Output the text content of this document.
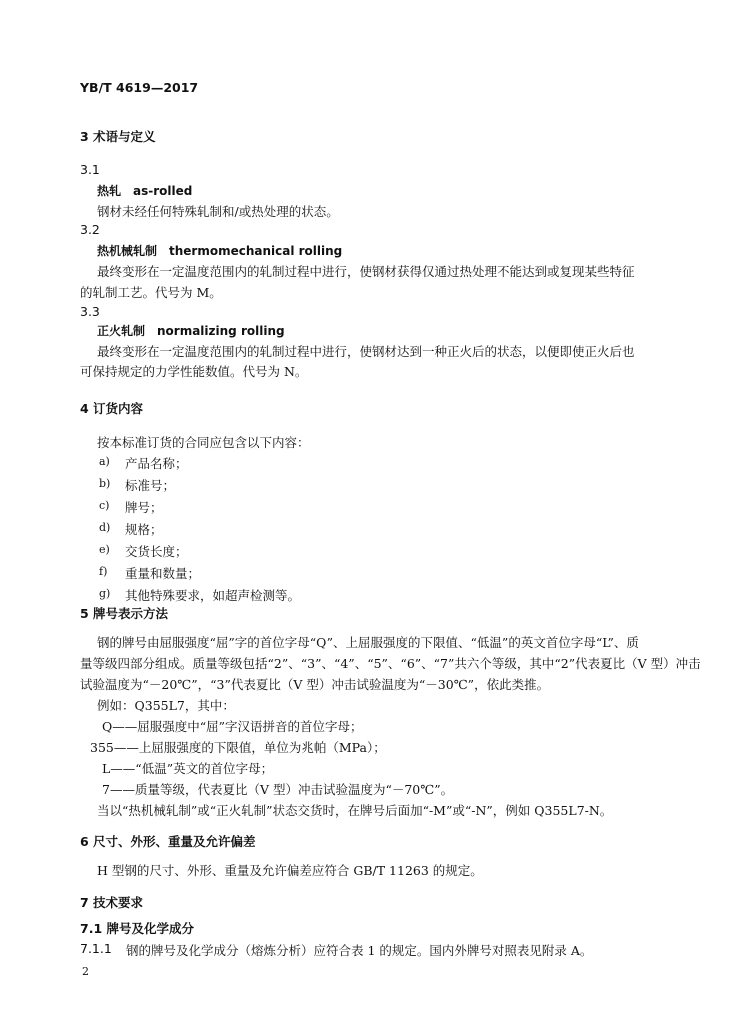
YB/T 4619—2017
3 术语与定义
3.1
热轧　as-rolled
钢材未经任何特殊轧制和/或热处理的状态。
3.2
热机械轧制　thermomechanical rolling
最终变形在一定温度范围内的轧制过程中进行，使钢材获得仅通过热处理不能达到或复现某些特征
的轧制工艺。代号为 M。
3.3
正火轧制　normalizing rolling
最终变形在一定温度范围内的轧制过程中进行，使钢材达到一种正火后的状态，以便即使正火后也
可保持规定的力学性能数值。代号为 N。
4 订货内容
按本标准订货的合同应包含以下内容：
a) 产品名称；
b) 标准号；
c) 牌号；
d) 规格；
e) 交货长度；
f) 重量和数量；
g) 其他特殊要求，如超声检测等。
5 牌号表示方法
钢的牌号由屈服强度“屈”字的首位字母“Q”、上屈服强度的下限值、“低温”的英文首位字母“L”、质
量等级四部分组成。质量等级包括“2”、“3”、“4”、“5”、“6”、“7”共六个等级，其中“2”代表夏比（V 型）冲击
试验温度为“－20℃”，“3”代表夏比（V 型）冲击试验温度为“－30℃”，依此类推。
例如：Q355L7，其中：
Q——屈服强度中“屈”字汉语拼音的首位字母；
355——上屈服强度的下限值，单位为兆帕（MPa）；
L——“低温”英文的首位字母；
7——质量等级，代表夏比（V 型）冲击试验温度为“－70℃”。
当以“热机械轧制”或“正火轧制”状态交货时，在牌号后面加“-M”或“-N”，例如 Q355L7-N。
6 尺寸、外形、重量及允许偏差
H 型钢的尺寸、外形、重量及允许偏差应符合 GB/T 11263 的规定。
7 技术要求
7.1 牌号及化学成分
7.1.1 钢的牌号及化学成分（熔炼分析）应符合表 1 的规定。国内外牌号对照表见附录 A。
2
